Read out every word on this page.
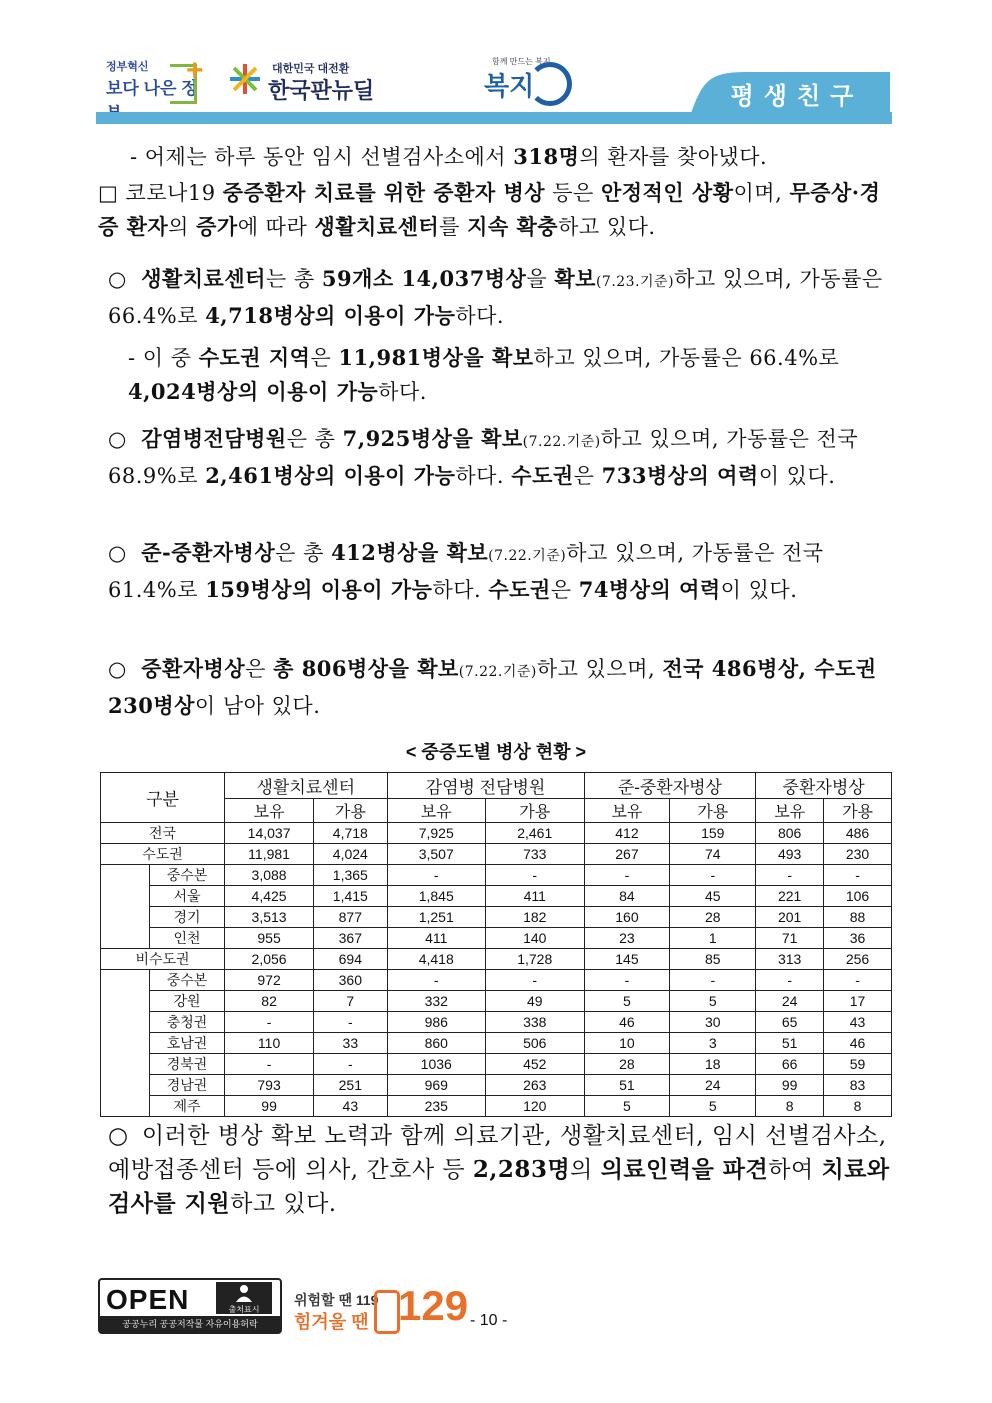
정부혁신
보다 나은 정
+	대한민국 대전환
한국판뉴딜
함께 만드는 복지
복지	평생친구
- 어제는 하루 동안 임시 선별검사소에서 318명의 환자를 찾아냈다.
□ 코로나19 중증환자 치료를 위한 중환자 병상 등은 안정적인 상황이며, 무증상·경증 환자의 증가에 따라 생활치료센터를 지속 확충하고 있다.
○ 생활치료센터는 총 59개소 14,037병상을 확보(7.23.기준)하고 있으며, 가동률은 66.4%로 4,718병상의 이용이 가능하다.
- 이 중 수도권 지역은 11,981병상을 확보하고 있으며, 가동률은 66.4%로 4,024병상의 이용이 가능하다.
○ 감염병전담병원은 총 7,925병상을 확보(7.22.기준)하고 있으며, 가동률은 전국 68.9%로 2,461병상의 이용이 가능하다. 수도권은 733병상의 여력이 있다.
○ 준-중환자병상은 총 412병상을 확보(7.22.기준)하고 있으며, 가동률은 전국 61.4%로 159병상의 이용이 가능하다. 수도권은 74병상의 여력이 있다.
○ 중환자병상은 총 806병상을 확보(7.22.기준)하고 있으며, 전국 486병상, 수도권 230병상이 남아 있다.
< 중증도별 병상 현황 >
구분		생활치료센터		감염병 전담병원		준-중환자병상		중환자병상	
		보유	가용	보유	가용	보유	가용	보유	가용
전국		14,037	4,718	7,925	2,461	412	159	806	486
수도권		11,981	4,024	3,507	733	267	74	493	230
	중수본	3,088	1,365	-	-	-	-	-	-
	서울	4,425	1,415	1,845	411	84	45	221	106
	경기	3,513	877	1,251	182	160	28	201	88
	인천	955	367	411	140	23	1	71	36
비수도권		2,056	694	4,418	1,728	145	85	313	256
	중수본	972	360	-	-	-	-	-	-
	강원	82	7	332	49	5	5	24	17
	충청권	-	-	986	338	46	30	65	43
	호남권	110	33	860	506	10	3	51	46
	경북권	-	-	1036	452	28	18	66	59
	경남권	793	251	969	263	51	24	99	83
	제주	99	43	235	120	5	5	8	8
○ 이러한 병상 확보 노력과 함께 의료기관, 생활치료센터, 임시 선별검사소, 예방접종센터 등에 의사, 간호사 등 2,283명의 의료인력을 파견하여 치료와 검사를 지원하고 있다.
OPEN	출처표시
공공누리 공공저작물 자유이용허락
위험할 땐 119
힘겨울 땐 129 - 10 -
